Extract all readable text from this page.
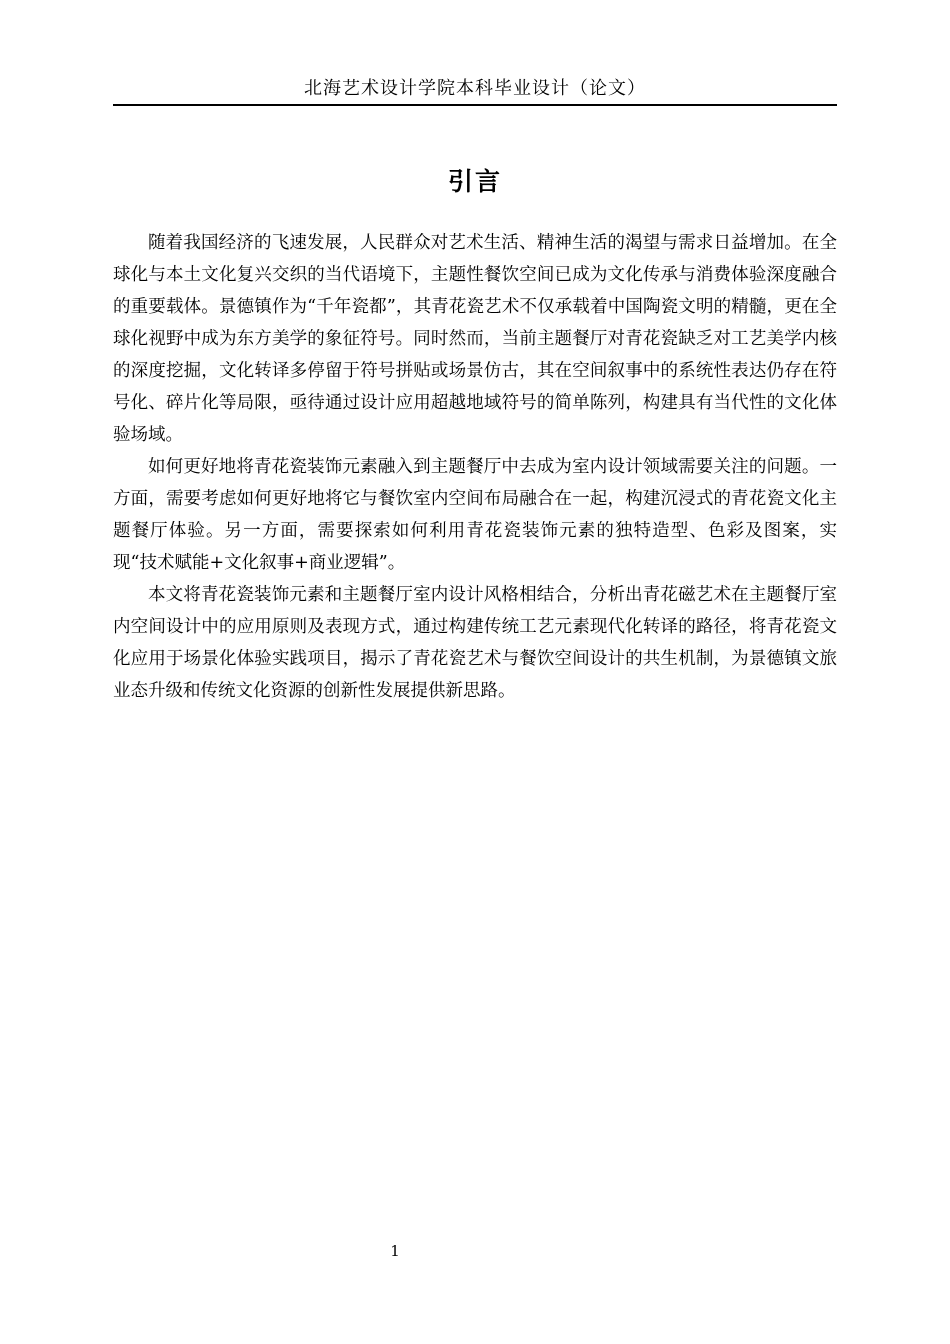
北海艺术设计学院本科毕业设计（论文）
引言

随着我国经济的飞速发展，人民群众对艺术生活、精神生活的渴望与需求日益增加。在全球化与本土文化复兴交织的当代语境下，主题性餐饮空间已成为文化传承与消费体验深度融合的重要载体。景德镇作为“千年瓷都”，其青花瓷艺术不仅承载着中国陶瓷文明的精髓，更在全球化视野中成为东方美学的象征符号。同时然而，当前主题餐厅对青花瓷缺乏对工艺美学内核的深度挖掘，文化转译多停留于符号拼贴或场景仿古，其在空间叙事中的系统性表达仍存在符号化、碎片化等局限，亟待通过设计应用超越地域符号的简单陈列，构建具有当代性的文化体验场域。

如何更好地将青花瓷装饰元素融入到主题餐厅中去成为室内设计领域需要关注的问题。一方面，需要考虑如何更好地将它与餐饮室内空间布局融合在一起，构建沉浸式的青花瓷文化主题餐厅体验。另一方面，需要探索如何利用青花瓷装饰元素的独特造型、色彩及图案，实现“技术赋能+文化叙事+商业逻辑”。

本文将青花瓷装饰元素和主题餐厅室内设计风格相结合，分析出青花磁艺术在主题餐厅室内空间设计中的应用原则及表现方式，通过构建传统工艺元素现代化转译的路径，将青花瓷文化应用于场景化体验实践项目，揭示了青花瓷艺术与餐饮空间设计的共生机制，为景德镇文旅业态升级和传统文化资源的创新性发展提供新思路。

1
